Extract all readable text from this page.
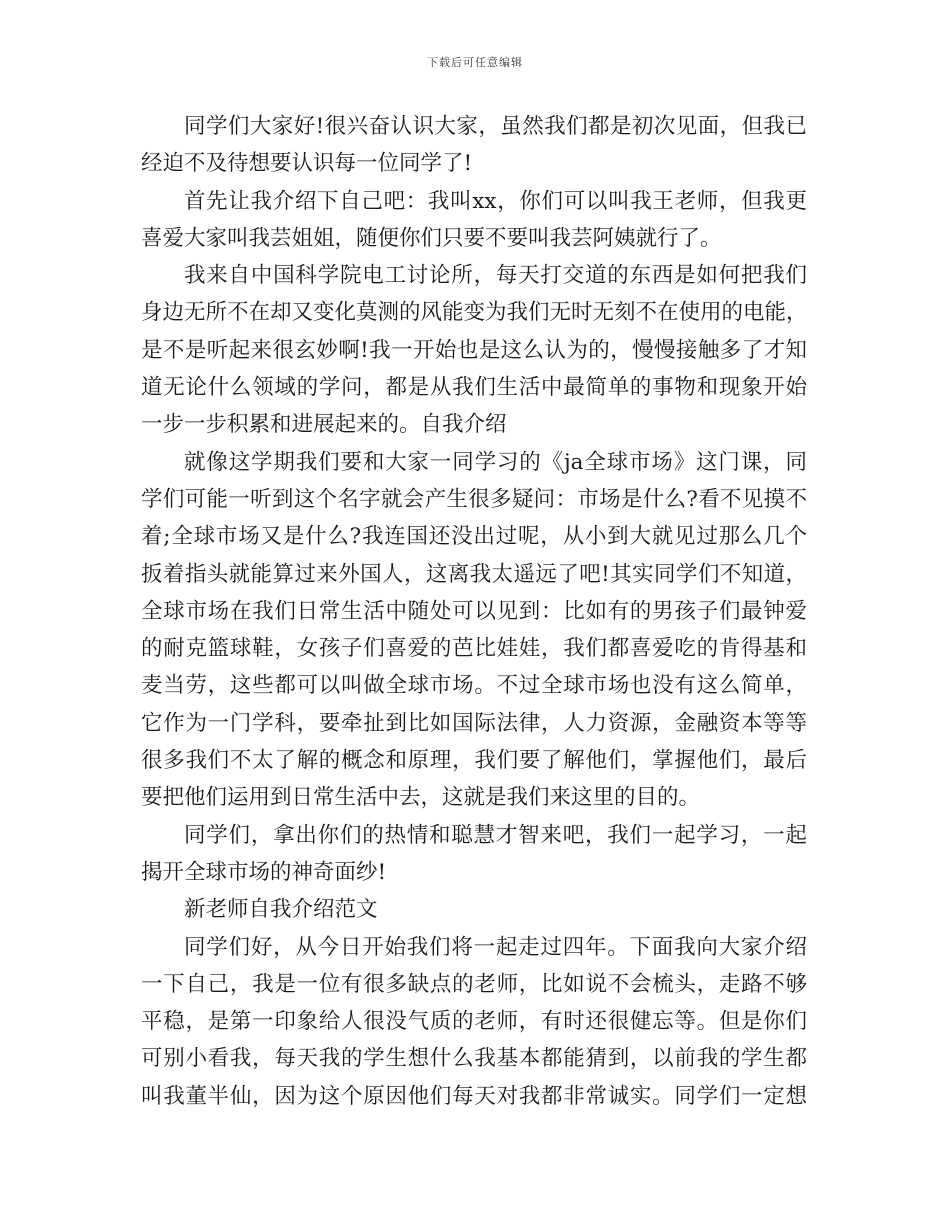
下载后可任意编辑
同学们大家好!很兴奋认识大家，虽然我们都是初次见面，但我已
经迫不及待想要认识每一位同学了!
首先让我介绍下自己吧：我叫xx，你们可以叫我王老师，但我更
喜爱大家叫我芸姐姐，随便你们只要不要叫我芸阿姨就行了。
我来自中国科学院电工讨论所，每天打交道的东西是如何把我们
身边无所不在却又变化莫测的风能变为我们无时无刻不在使用的电能，
是不是听起来很玄妙啊!我一开始也是这么认为的，慢慢接触多了才知
道无论什么领域的学问，都是从我们生活中最简单的事物和现象开始
一步一步积累和进展起来的。自我介绍
就像这学期我们要和大家一同学习的《ja全球市场》这门课，同
学们可能一听到这个名字就会产生很多疑问：市场是什么?看不见摸不
着;全球市场又是什么?我连国还没出过呢，从小到大就见过那么几个
扳着指头就能算过来外国人，这离我太遥远了吧!其实同学们不知道，
全球市场在我们日常生活中随处可以见到：比如有的男孩子们最钟爱
的耐克篮球鞋，女孩子们喜爱的芭比娃娃，我们都喜爱吃的肯得基和
麦当劳，这些都可以叫做全球市场。不过全球市场也没有这么简单，
它作为一门学科，要牵扯到比如国际法律，人力资源，金融资本等等
很多我们不太了解的概念和原理，我们要了解他们，掌握他们，最后
要把他们运用到日常生活中去，这就是我们来这里的目的。
同学们，拿出你们的热情和聪慧才智来吧，我们一起学习，一起
揭开全球市场的神奇面纱!
新老师自我介绍范文
同学们好，从今日开始我们将一起走过四年。下面我向大家介绍
一下自己，我是一位有很多缺点的老师，比如说不会梳头，走路不够
平稳，是第一印象给人很没气质的老师，有时还很健忘等。但是你们
可别小看我，每天我的学生想什么我基本都能猜到，以前我的学生都
叫我董半仙，因为这个原因他们每天对我都非常诚实。同学们一定想
